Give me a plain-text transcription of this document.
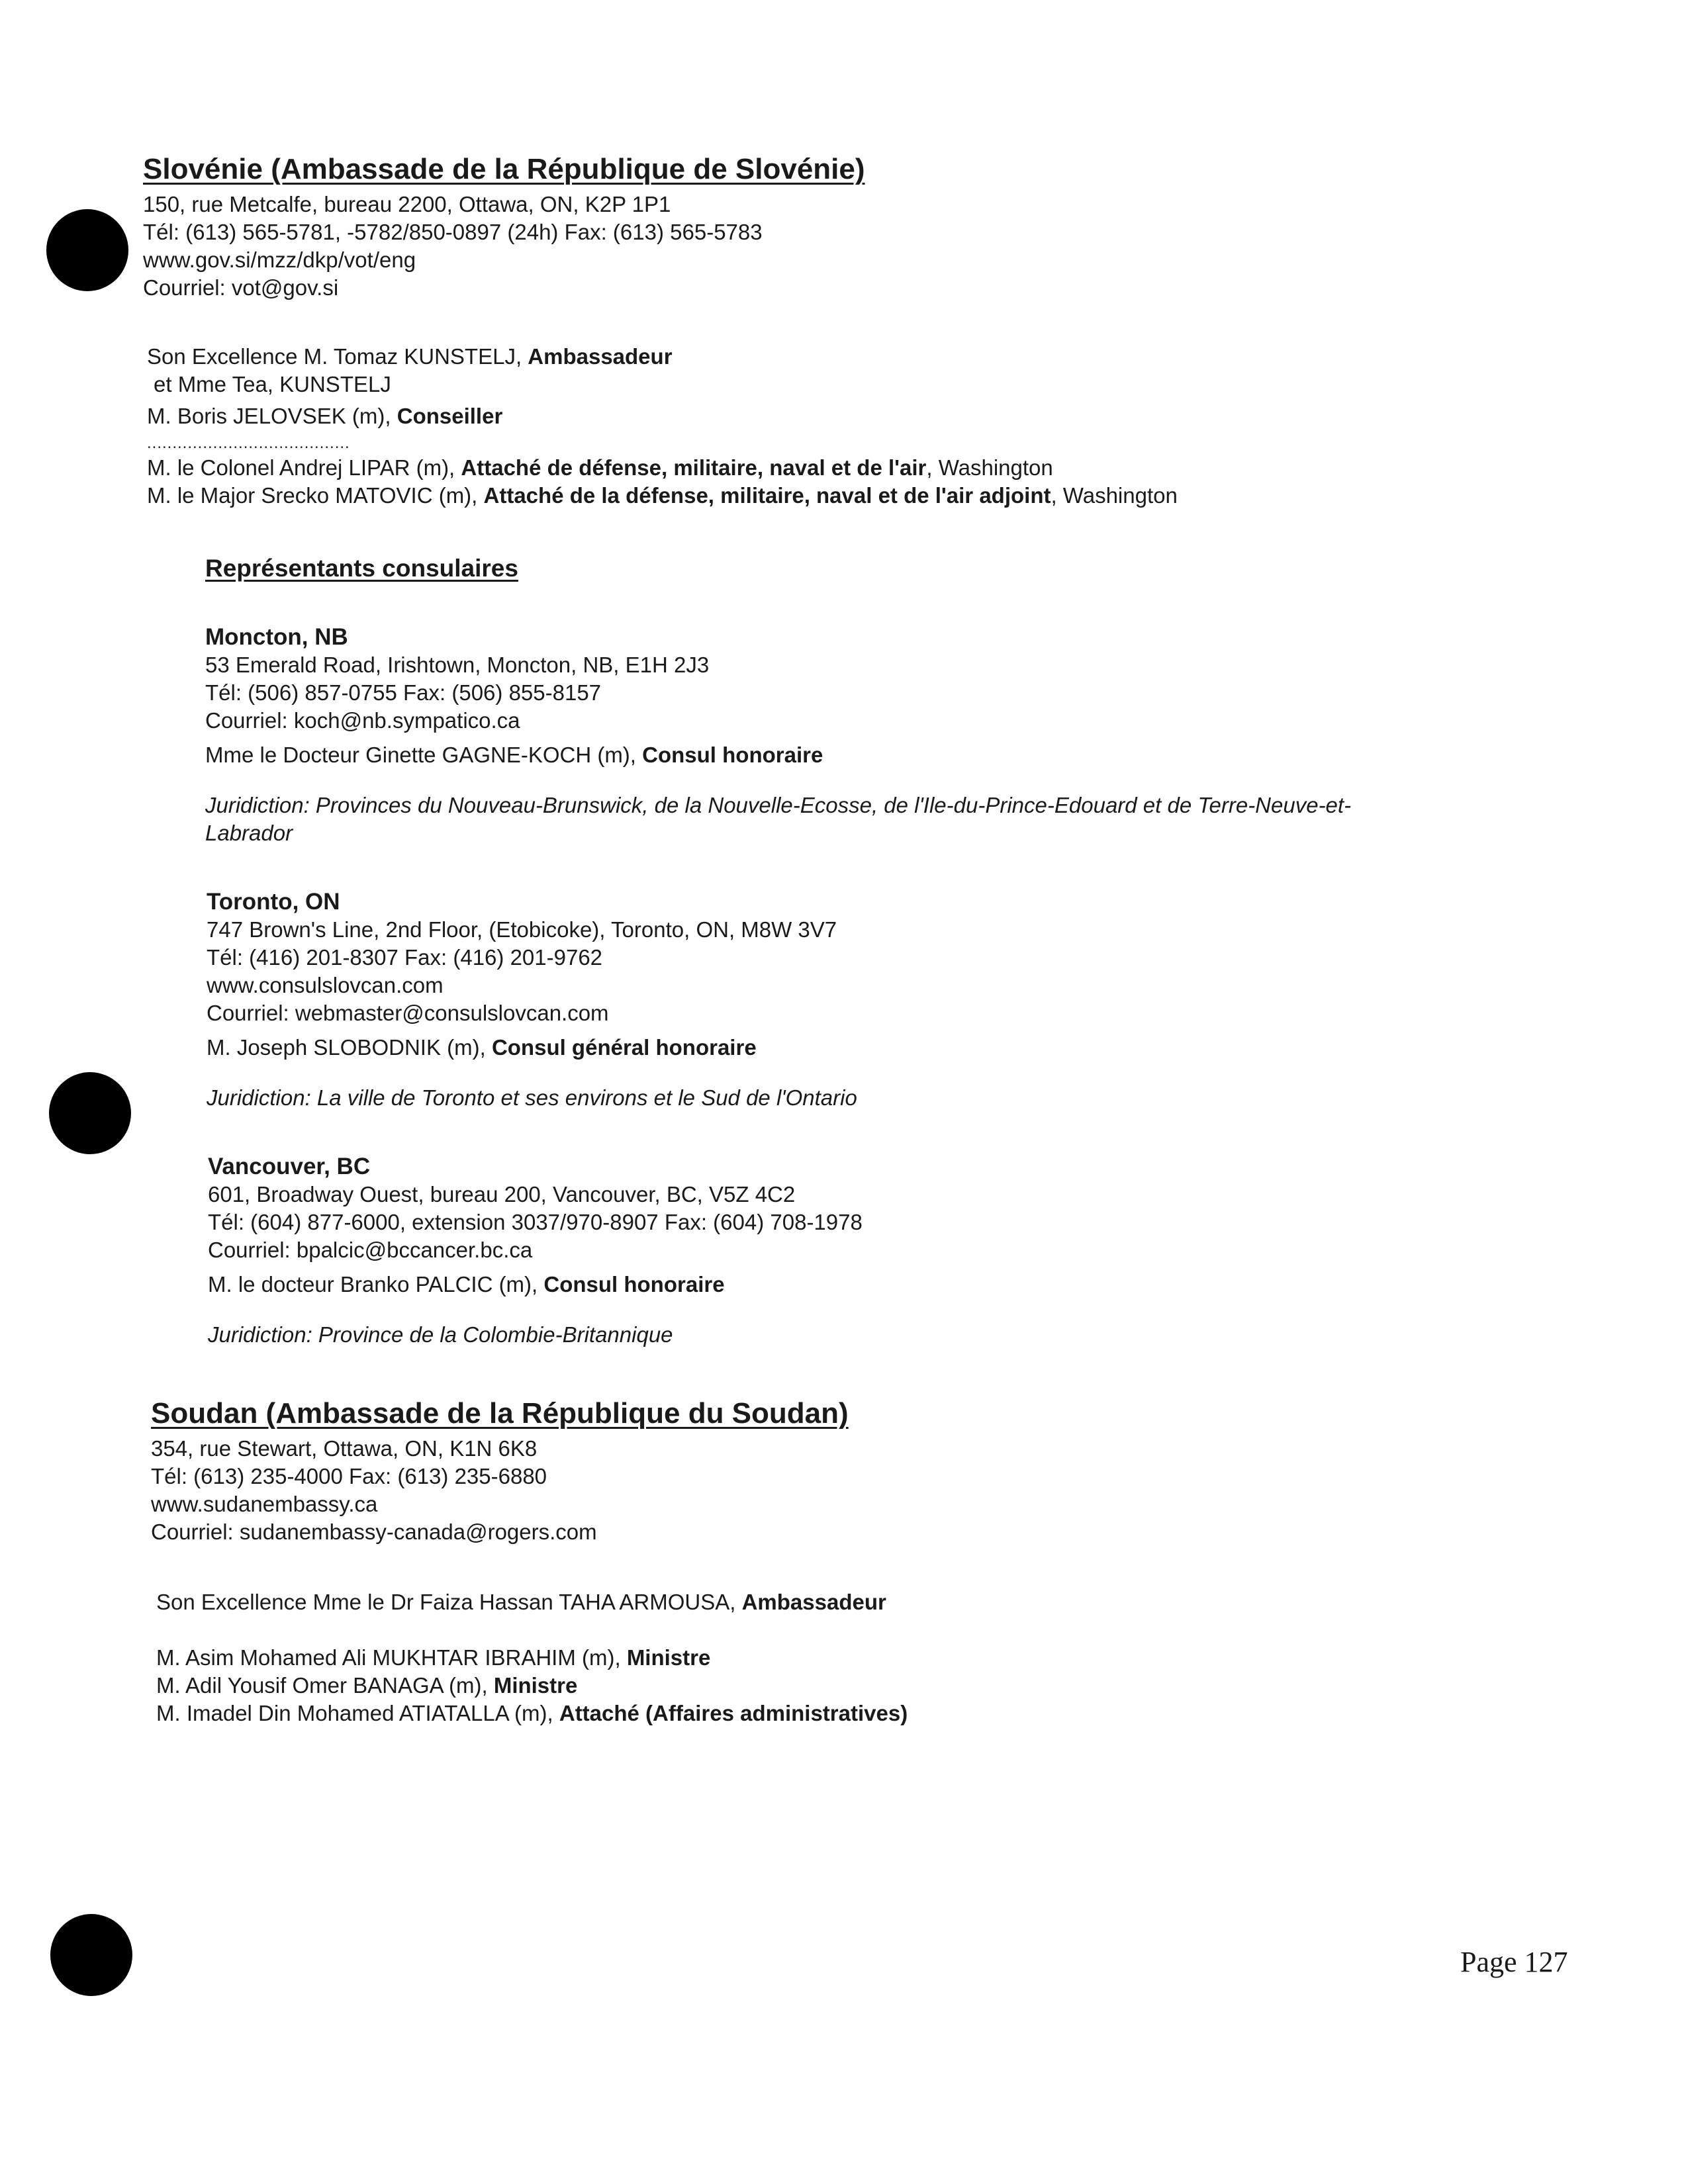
Slovénie (Ambassade de la République de Slovénie)
150, rue Metcalfe, bureau 2200, Ottawa, ON, K2P 1P1
Tél: (613) 565-5781, -5782/850-0897 (24h) Fax: (613) 565-5783
www.gov.si/mzz/dkp/vot/eng
Courriel: vot@gov.si
Son Excellence M. Tomaz KUNSTELJ, Ambassadeur
et Mme Tea, KUNSTELJ
M. Boris JELOVSEK (m), Conseiller
........................................
M. le Colonel Andrej LIPAR (m), Attaché de défense, militaire, naval et de l'air, Washington
M. le Major Srecko MATOVIC (m), Attaché de la défense, militaire, naval et de l'air adjoint, Washington
Représentants consulaires
Moncton, NB
53 Emerald Road, Irishtown, Moncton, NB, E1H 2J3
Tél: (506) 857-0755 Fax: (506) 855-8157
Courriel: koch@nb.sympatico.ca
Mme le Docteur Ginette GAGNE-KOCH (m), Consul honoraire
Juridiction: Provinces du Nouveau-Brunswick, de la Nouvelle-Ecosse, de l'Ile-du-Prince-Edouard et de Terre-Neuve-et-
Labrador
Toronto, ON
747 Brown's Line, 2nd Floor, (Etobicoke), Toronto, ON, M8W 3V7
Tél: (416) 201-8307 Fax: (416) 201-9762
www.consulslovcan.com
Courriel: webmaster@consulslovcan.com
M. Joseph SLOBODNIK (m), Consul général honoraire
Juridiction: La ville de Toronto et ses environs et le Sud de l'Ontario
Vancouver, BC
601, Broadway Ouest, bureau 200, Vancouver, BC, V5Z 4C2
Tél: (604) 877-6000, extension 3037/970-8907 Fax: (604) 708-1978
Courriel: bpalcic@bccancer.bc.ca
M. le docteur Branko PALCIC (m), Consul honoraire
Juridiction: Province de la Colombie-Britannique
Soudan (Ambassade de la République du Soudan)
354, rue Stewart, Ottawa, ON, K1N 6K8
Tél: (613) 235-4000 Fax: (613) 235-6880
www.sudanembassy.ca
Courriel: sudanembassy-canada@rogers.com
Son Excellence Mme le Dr Faiza Hassan TAHA ARMOUSA, Ambassadeur
M. Asim Mohamed Ali MUKHTAR IBRAHIM (m), Ministre
M. Adil Yousif Omer BANAGA (m), Ministre
M. Imadel Din Mohamed ATIATALLA (m), Attaché (Affaires administratives)
Page 127
